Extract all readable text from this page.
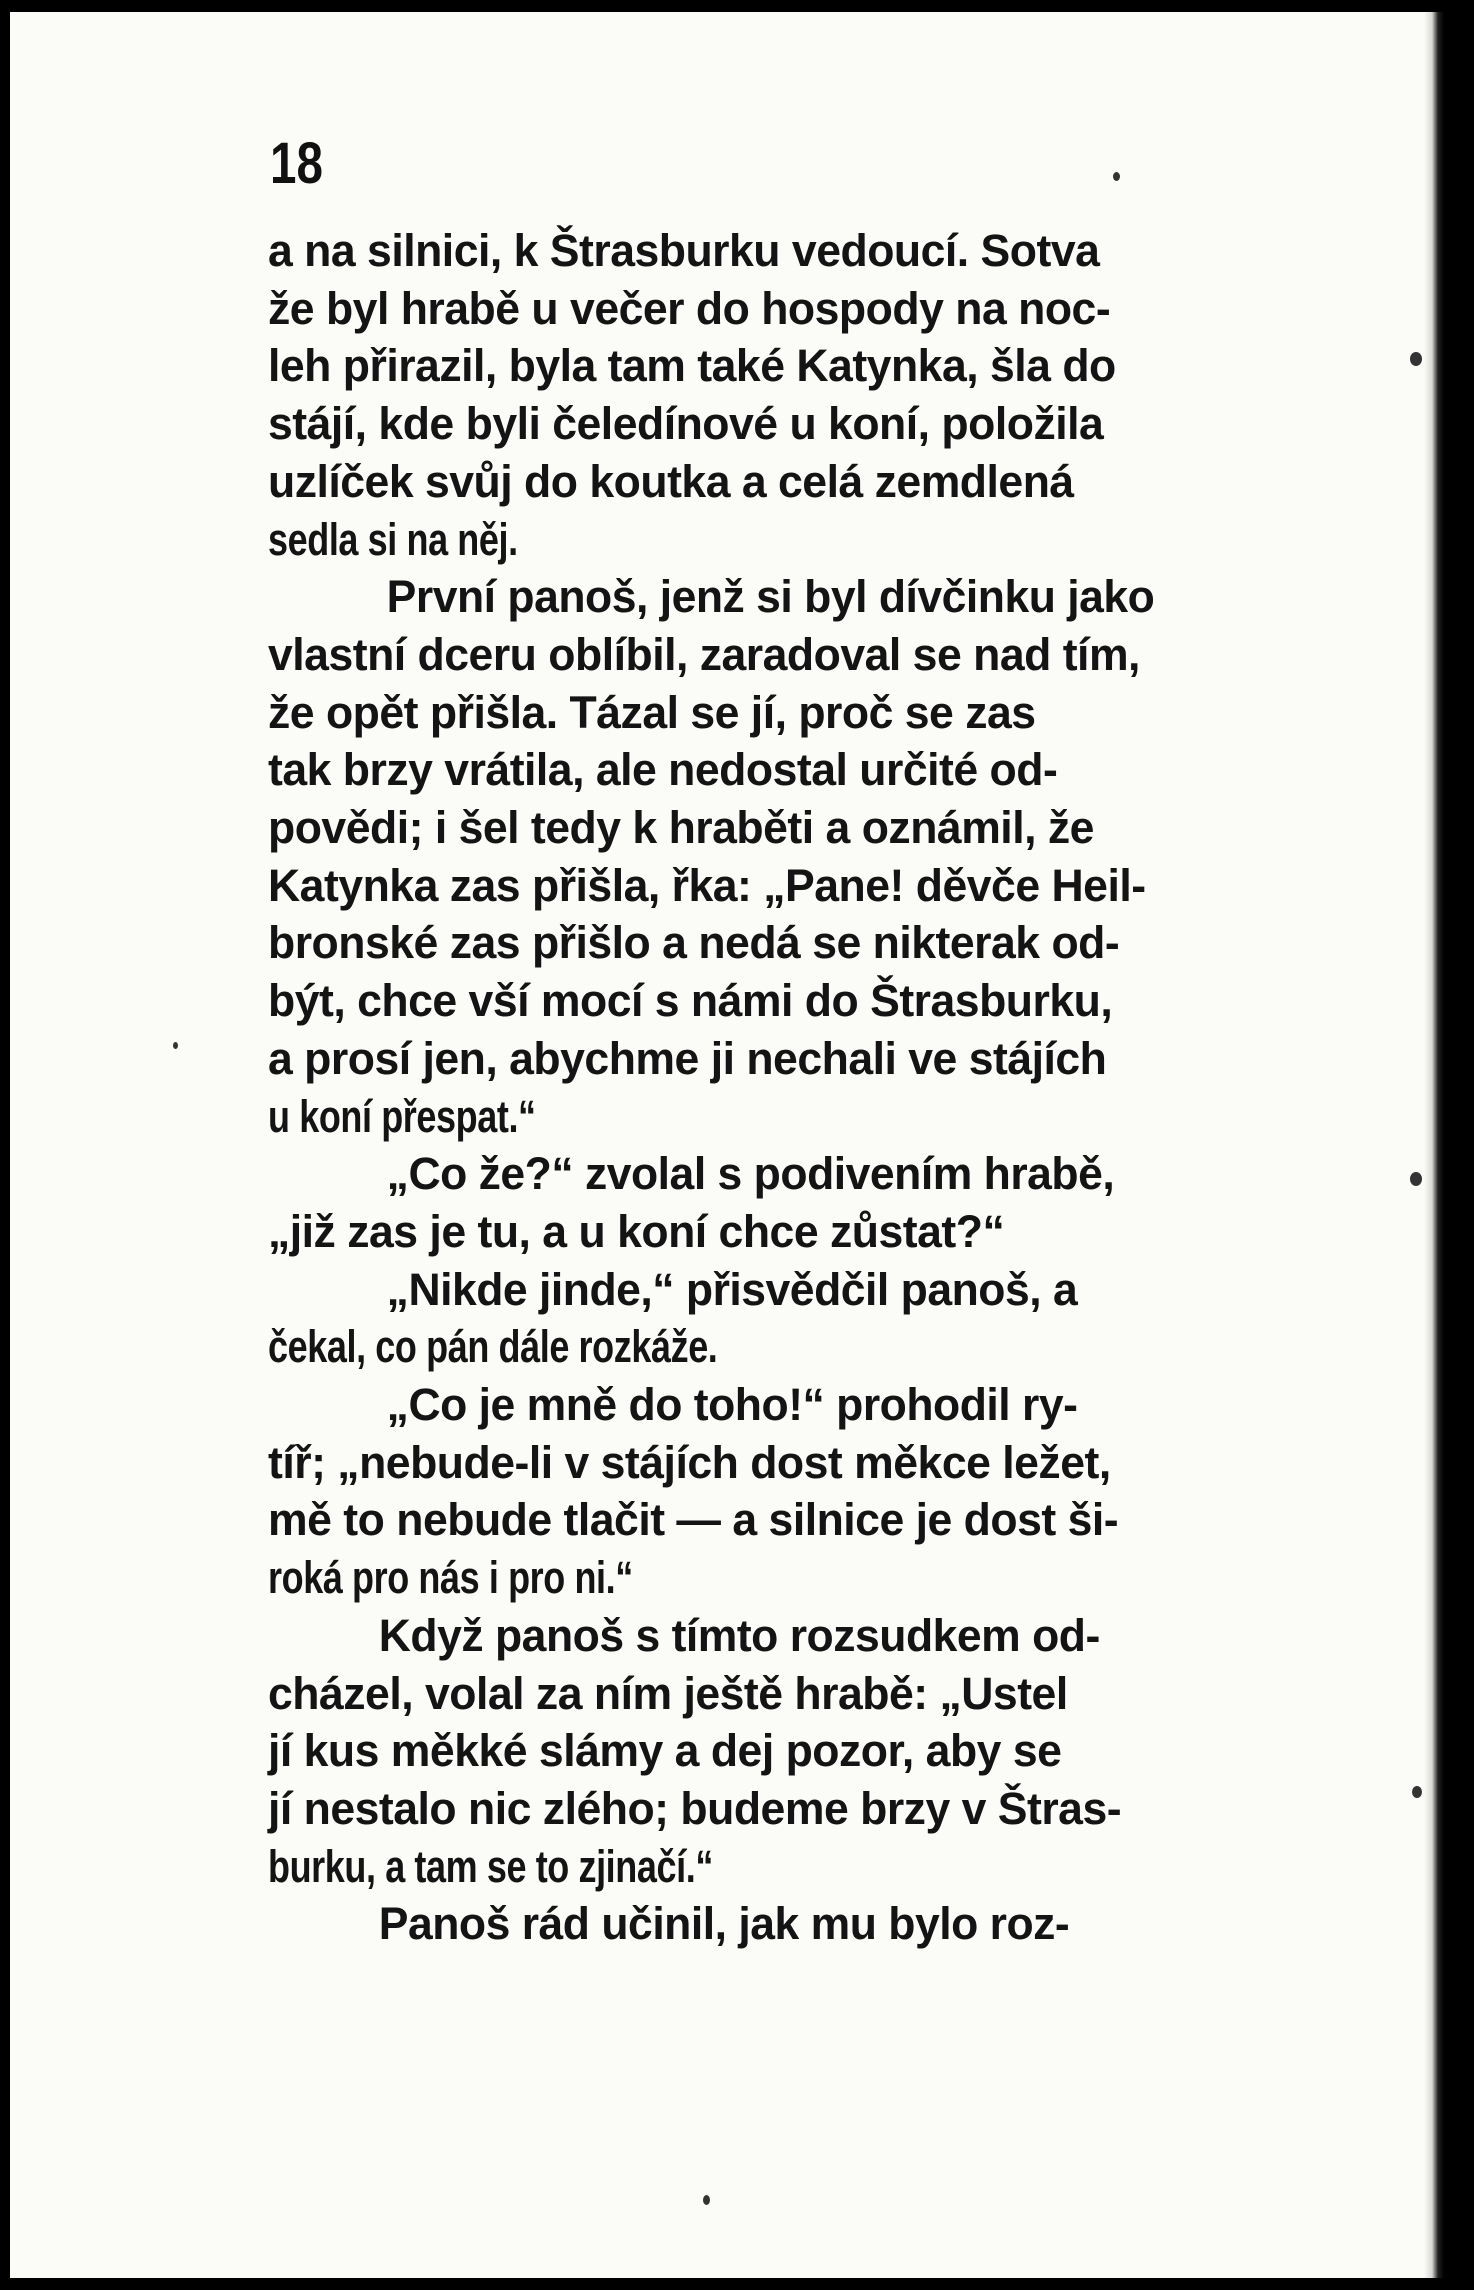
18
a na silnici, k Štrasburku vedoucí. Sotva
že byl hrabě u večer do hospody na noc-
leh přirazil, byla tam také Katynka, šla do
stájí, kde byli čeledínové u koní, položila
uzlíček svůj do koutka a celá zemdlená
sedla si na něj.
První panoš, jenž si byl dívčinku jako
vlastní dceru oblíbil, zaradoval se nad tím,
že opět přišla. Tázal se jí, proč se zas
tak brzy vrátila, ale nedostal určité od-
povědi; i šel tedy k hraběti a oznámil, že
Katynka zas přišla, řka: „Pane! děvče Heil-
bronské zas přišlo a nedá se nikterak od-
být, chce vší mocí s námi do Štrasburku,
a prosí jen, abychme ji nechali ve stájích
u koní přespat.“
„Co že?“ zvolal s podivením hrabě,
„již zas je tu, a u koní chce zůstat?“
„Nikde jinde,“ přisvědčil panoš, a
čekal, co pán dále rozkáže.
„Co je mně do toho!“ prohodil ry-
tíř; „nebude-li v stájích dost měkce ležet,
mě to nebude tlačit — a silnice je dost ši-
roká pro nás i pro ni.“
Když panoš s tímto rozsudkem od-
cházel, volal za ním ještě hrabě: „Ustel
jí kus měkké slámy a dej pozor, aby se
jí nestalo nic zlého; budeme brzy v Štras-
burku, a tam se to zjinačí.“
Panoš rád učinil, jak mu bylo roz-
